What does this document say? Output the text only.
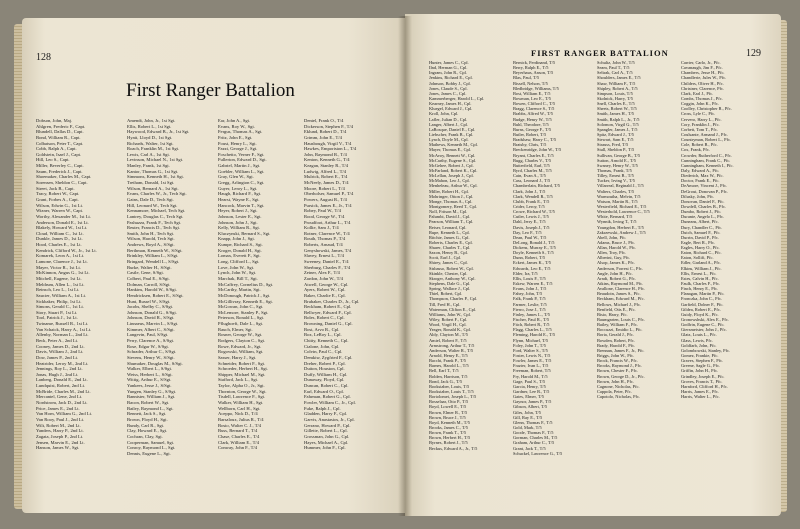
128
First Ranger Battalion
Dobson, John, Maj.
Ahlgren, Frederic F., Capt.
Blundell, Dallas D., Capt.
Bond, William R., Capt.
Colbatson, Peter T., Capt.
Cobb, Ralph A., Capt.
Goldstein, Isael J., Capt.
Hill, Leo S., Capt.
Miller, Beverley C., Capt.
Saum, Frederick J., Capt.
Shoemaker, Charles M., Capt.
Sorensen, Sheldon C., Capt.
Street, Jack B., Capt.
Tracy, Robert W., Capt.
Grant, Forbes A., Capt.
Wilson, Edwin G., 1st Lt.
Wizner, Warren W., Capt.
Worthy, Alexander M., 1st Lt.
Anderson, Donald E., 1st Lt.
Blakely, Howard W., 1st Lt.
Cloud, William C., 1st Lt.
Dunkle, James D., 1st Lt.
Hood, Charles E., 1st Lt.
Kendrick, Clifford W., Jr., 1st Lt.
Komarek, Leon A., 1st Lt.
Lamone, Clarence J., 1st Lt.
Mayer, Victor R., 1st Lt.
McKinnon, Angus G., 1st Lt.
Mitchell, Eugene, 1st Lt.
Meldrum, Allen L., 1st Lt.
Reinsch, Leo L., 1st Lt.
Saucier, William A., 1st Lt.
Sickbaker, Philip, 1st Lt.
Simons, Gerald C., 1st Lt.
Story, Stuart P., 1st Lt.
Tool, Patrick J., 1st Lt.
Twiname, Russell R., 1st Lt.
Van Schaick, Harry A., 1st Lt.
Allenby, Norman L., 2nd Lt.
Beck, Peter A., 2nd Lt.
Cooney, James D., 2nd Lt.
Davis, William J., 2nd Lt.
Dow, James P., 2nd Lt.
Heatrider, Leroy M., 2nd Lt.
Jennings, Roy L., 2nd Lt.
Jonas, Hugh J., 2nd Lt.
Lanberg, Donald E., 2nd Lt.
Lundquist, Robert, 2nd Lt.
McBride, Charles M., 2nd Lt.
Mercantel, Gene, 2nd Lt.
Nordstrom, Jack D., 2nd Lt.
Price, James E., 2nd Lt.
Van Horn, William G., 2nd Lt.
Van Rooy, Paul J., 2nd Lt.
Wilt, Robert M., 2nd Lt.
Yanders, Harry P., 2nd Lt.
Zagata, Joseph P., 2nd Lt.
Jensen, Marvin E., 2nd Lt.
Hanson, James W., Sgt.
Amendt, John, Jr., 1st Sgt.
Ellis, Robert L., 1st Sgt.
Haywood, Edward B., Jr., 1st Sgt.
Hyatt, Lloyd D., 1st Sgt.
Richards, Walter, 1st Sgt.
Roach, Franklin M., 1st Sgt.
Lewis, Carl A., 1st Sgt.
Levinson, Michael N., 1st Sgt.
Manley, Frank, 1st Sgt.
Kantor, Thomas G., 1st Sgt.
Simmons, Kenneth H., 1st Sgt.
Tretham, Donald, 1st Sgt.
Wilson, Bernard A., 1st Sgt.
Evans, Charles W., Jr., Tech Sgt.
Gains, Dale D., Tech Sgt.
Hill, Leonard W., Tech Sgt.
Kennamore, Michael, Tech Sgt.
Lantrey, Douglas C., Tech Sgt.
Pashuzza, Frank F., Tech Sgt.
Reuter, Francis D., Tech Sgt.
Smith, John H., Tech Sgt.
Wilson, Harold, Tech Sgt.
Andrews, Boyd A., S/Sgt.
Berthman, Kenneth W., S/Sgt.
Brinkley, William L., S/Sgt.
Bringard, Wendell L., S/Sgt.
Burke, Walter H., S/Sgt.
Castle, Gene, S/Sgt.
Colbert, Paul E., S/Sgt.
Dolman, Carroll, S/Sgt.
Hankins, Harold W., S/Sgt.
Hendricksen, Robert E., S/Sgt.
Hunt, Russel W., S/Sgt.
Jacobs, Shelby C., S/Sgt.
Johnson, Donald G., S/Sgt.
Johnson, David R., S/Sgt.
Linnaeus, Marvin L., S/Sgt.
Kimmer, Albert C., S/Sgt.
Langevin, Paul, S/Sgt.
Perry, Clarence A., S/Sgt.
Rose, Edgar W., S/Sgt.
Schrader, Arthur C., S/Sgt.
Stevens, Henry W., S/Sgt.
Shumaker, Douglas M., S/Sgt.
Walker, Elbert L., S/Sgt.
Weiss, Herbert L., S/Sgt.
Wittig, Arthur E., S/Sgt.
Yankees, Jesse J., S/Sgt.
Yungen, Stanley G., S/Sgt.
Bannister, William J., Sgt.
Bacon, Robert W., Sgt.
Bailey, Raymond L., Sgt.
Bennett, Jack S., Sgt.
Brown, Floyd H., Sgt.
Bundy, Carl R., Sgt.
Clay, Howard E., Sgt.
Cochran, Clay, Sgt.
Cooperman, Samuel, Sgt.
Conroy, Raymond L., Sgt.
Dennis, Eugene L., Sgt.
Ear, John A., Sgt.
Evans, Roy W., Sgt.
Fergus, Thomas A., Sgt.
Fritz, John E., Sgt.
Foust, Henry L., Sgt.
Fazzi, George J., Sgt.
Foschetto, Verner F., Sgt.
Fullerton, Edward D., Sgt.
Gabriel, Martin J., Sgt.
Goebler, William L., Sgt.
Gray, Glen W., Sgt.
Gregg, Arlington C., Sgt.
Guyer, Leroy L., Sgt.
Haugh, Richard F., Sgt.
Hearst, Wayne E., Sgt.
Hancock, Marvin T., Sgt.
Heyer, Robert J., Sgt.
Johnson, Lester E., Sgt.
Johnson, John J., Sgt.
Kelly, William R., Sgt.
Kluczynski, Bernard S., Sgt.
Knapp, John J., Sgt.
Kumpe, Richard S., Sgt.
Kroger, Donald H., Sgt.
Lomax, Everett F., Sgt.
Long, Clifford L., Sgt.
Love, John W., Sgt.
Lynch, John W., Sgt.
Marchak, Bill T., Sgt.
McCaffrey, Cornelius D., Sgt.
McCarthy, Martin, Sgt.
McDonough, Patrick J., Sgt.
McGillivray, Kenneth E., Sgt.
McGowan, John C., Sgt.
McLemore, Stanley P., Sgt.
Peterson, Ronald L., Sgt.
Pflughoeft, Dale L., Sgt.
Rauch, Elmer, Sgt.
Rosner, George W., Sgt.
Rodgers, Clayton C., Sgt.
Rowe, Edward, Jr., Sgt.
Rogowski, William, Sgt.
Sasser, Harry J., Sgt.
Schneider, Robert F., Sgt.
Schroeder, Herbert H., Sgt.
Shipper, Michael M., Sgt.
Stafford, Jack L., Sgt.
Taylor, Alpha O., Jr., Sgt.
Thornton, George W., Sgt.
Tisdell, Lawrence F., Sgt.
Walker, William H., Sgt.
Wellborn, Carl H., Sgt.
Aceppo, Nick D., T/4
Barsaloux, Julius R., T/4
Bosio, Walter C. J., T/4
Buss, Bernard T., T/4
Chase, Charles E., T/4
Clark, William E., T/4
Conway, John F., T/4
Dentel, Frank O., T/4
Dickerson, Stephen F., T/4
Eklund, Robert D., T/4
Grimm, John E., T/4
Hausbough, Virgil V., T/4
Hawkes, Emporiston L., T/4
John, Raymond R., T/4
Kenton, Kenneth G., T/4
Keagan, Stanley R., T/4
Ludwig, Alfred L., T/4
Mulrick, Robert E., T/4
McNeely, James D., T/4
Moore, Robert L., T/4
Oberholser, Samuel P., T/4
Powers, August R., T/4
Pursick, James E., Jr., T/4
Robey, Paul W., T/4
Rood, George W., T/4
Proudfoot, Arthur L., T/4
Kollie, Sam J., T/4
Rotner, Clarence W., T/4
Routh, Thomas P., T/4
Roberts, Arnaud, T/4
Genyshowski, James, T/4
Slavey, Ernest L., T/4
Sweeney, Daniel E., T/4
Sherburg, Charles F., T/4
Zeiner, Alex F., T/4
Zardon, John W., T/4
Atwell, George W., Cpl.
Ayers, Robert W., Cpl.
Baker, Charlie E., Cpl.
Brubaker, Charles D., Jr., Cpl.
Beckham, Robert E., Cpl.
Bellwyer, Edward F., Cpl.
Boles, Robert C., Cpl.
Browning, Daniel G., Cpl.
Bost, Arvo R., Cpl.
Box, LeRoy L., Cpl.
Chitty, Kenneth C., Cpl.
Cialone, John, Cpl.
Colvin, Paul C., Cpl.
Demkiw, Zygfried F., Cpl.
Dreher, Robert P., Cpl.
Dutton, Houston, Cpl.
Duffy, William H., Cpl.
Dunaway, Floyd, Cpl.
Duncan, Robert C., Cpl.
Earl, Edward O., Cpl.
Fahrman, Robert G., Cpl.
Fowler, William C., Jr., Cpl.
Fuke, Ralph J., Cpl.
Gladden, Harry F., Cpl.
Garvis, Anastasios, Jr., Cpl.
Gerrano, Howard P., Cpl.
Gillette, Robert L., Cpl.
Grossman, John G., Cpl.
Hayes, Michael A., Cpl.
Hummer, John F., Cpl.
FIRST RANGER BATTALION	129
Hunter, James C., Cpl.
Ilnd, Herman G., Cpl.
Ingram, John R., Cpl.
Jenkins, Richard E., Cpl.
Johnson, Bobby J., Cpl.
Jones, Claude S., Cpl.
Jones, James C., Cpl.
Kammerberger, Harold L., Cpl.
Kearney, James H., Cpl.
Kluegel, Edward J., Cpl.
Kroll, John, Cpl.
Lafler, Julian D., Cpl.
Langer, Albert J., Cpl.
LaRosque, Daniel E., Cpl.
Liebscher, Frank B., Cpl.
Lynch, Doyle M., Cpl.
Mathews, Kenneth M., Cpl.
Mayer, Thomas E., Cpl.
McAvoy, Bennett W., Cpl.
McCarthy, Eugene S., Cpl.
McGehee, Robert J., Cpl.
McFarland, Robert K., Cpl.
McLellan, Joseph J., Cpl.
McMahon, Leo J., Cpl.
Menheleau, Arthur W., Cpl.
Miller, Robert H., Cpl.
Mohringer, Otton J., Cpl.
Monge, Thomas A., Cpl.
Montgomery, Reed T., Cpl.
Noll, Fritson M., Cpl.
Palumbi, David J., Cpl.
Pearson, William T., Cpl.
Reiser, Leonard, Cpl.
Rupe, Kenneth L., Cpl.
Ritchie, James G., Cpl.
Roberts, Charles E., Cpl.
Shurer, Charles T., Cpl.
Saxon, Henry B., Cpl.
Scott, Earl J., Cpl.
Shirey, James C., Cpl.
Sisbasso, Robert W., Cpl.
Skinkle, Chester, Cpl.
Skroger, Anthony W., Cpl.
Stephens, Dale G., Cpl.
Spring, Wallace J., Cpl.
Thiel, Robert, Cpl.
Thompson, Charles P., Cpl.
Till, Fred H., Cpl.
Waterman, Clifton E., Cpl.
Williams, John W., Cpl.
Wiley, Robert F., Cpl.
Wood, Virgil H., Cpl.
Yeager, Ronald K., Cpl.
Aldy, Clayton M., T/5
Amiel, Robert F., T/5
Armstrong, Arthur T., T/5
Anderson, Walter R., T/5
Arnold, Henry E., T/5
Bacchi, Frank P., T/5
Barnes, Harold L., T/5
Bell, Earl T., T/5
Bolden, Harrison, T/5
Bond, Jack G., T/5
Bookstaber, Louis, T/5
Bookstaber, Louis T., T/5
Bortolomei, Joseph L., T/5
Bosselaar, Otto P., T/5
Boyd, Lowell E., T/5
Brown, Elmer R., T/5
Brown, Bruce J., T/5
Boyd, Kenneth M., T/5
Brooks, James C., T/5
Brown, Frank T., T/5
Brown, Herbert H., T/5
Byrnes, Robert J., T/5
Beckus, Edward A., Jr., T/5
Bernick, Ferdinand, T/5
Berry, Ralph E., T/5
Beyerhaus, Anson, T/5
Blas, Paul, T/5
Bissell, Nelson, T/5
Bledbridge, Williams, T/5
Bost, William E., T/5
Bowman, Leo E., T/5
Bowen, Clifford C., T/5
Bragg, Clarence S., T/5
Brabbs, Alfred W., T/5
Budge, Henry W., T/5
Buhl, Theodore, T/5
Burns, George F., T/5
Butler, Robert, T/5
Bradshaw, Harry C., T/5
Bratsby, Chris, T/5
Breckenridge, John W., T/5
Bryant, Charles E., T/5
Bugg, Charles V., T/5
Butterfield, Earl, T/5
Byrd, Charles M., T/5
Cain, Evan A., T/5
Cass, Leonard J., T/5
Chamberlain, Richard, T/5
Clark, John J., T/5
Clark, Wendell R., T/5
Clubb, Frank E., T/5
Crider, Leroy, T/5
Crowe, Richard W., T/5
Cutler, Lewis J., T/5
Dahl, Jerry E., T/5
Davis, Joseph J., T/5
Day, Leo F., T/5
Dean, Paul W., T/5
DeLong, Ronald J., T/5
Dickens, Murray E., T/5
Doyle, Kenneth S., T/5
Dunn, Robert, T/5
Eckert, James K., T/5
Edwards, Leo E., T/5
Elder, Ira, T/5
Ellis, Louis F., T/5
Eskew, Warren E., T/5
Evans, John J., T/5
Fahey, John, T/5
Falk, Frank P., T/5
Farmer, Leslie, T/5
Fierro, Jose J., T/5
Finley, James L., T/5
Fischer, Paul R., T/5
Fitch, Robert R., T/5
Flagg, Charles L., T/5
Fleming, Harold E., T/5
Flynn, Michael, T/5
Foley, John T., T/5
Ford, Walter S., T/5
Foster, Lewis N., T/5
Fowler, James E., T/5
Frazier, Ivan L., T/5
Freeman, Robert, T/5
Fry, Harold M., T/5
Gage, Paul S., T/5
Garcia, Henry, T/5
Gardner, Lee R., T/5
Gates, Elmer, T/5
Gaynor, James P., T/5
Gibson, Albert, T/5
Giles, John, T/5
Gill, Ray E., T/5
Glenn, Thomas F., T/5
Gold, Mark, T/5
Goode, Thomas F., T/5
Gorman, Charles M., T/5
Graham, Arthur C., T/5
Grant, Jack T., T/5
Schuckel, Lawrence G., T/5
Schultz, John W., T/5
Seam, Paul T., T/5
Seltrak, Carl A., T/5
Shoulders, James E., T/5
Shaw, William F., T/5
Shipley, Robert A., T/5
Simpson, Louis, T/5
Skolnick, Harry, T/5
Snell, Charles E., T/5
Sheets, Robert W., T/5
Smith, James H., T/5
Smith, Ralph L., Jr., T/5
Solomon, Virgil G., T/5
Spangler, James J., T/5
Spitz, Edward J., T/5
Stewart, Sam E., T/5
Strauss, Fred, T/5
Stull, Sheldon P., T/5
Sullivan, George B., T/5
Sutton, Arnold E., T/5
Swaney, Henry W., T/5
Thomas, Frank, T/5
Tilley, Ernest B., T/5
Tucker, Irving V., T/5
Villarreal, Reginald J., T/5
Walters, Charles, T/5
Warmoutha, Melvin, T/5
Watson, Martin R., T/5
Westerfield, Richard E., T/5
Westerhold, Lawrence C., T/5
White, Bernard, T/5
Wynnik, Irving T., T/5
Youngdon, Herbert E., T/5
Zakrzewski, Andrew J., T/5
Abell, John, Pfc.
Adams, Bruce J., Pfc.
Allan, Harold W., Pfc.
Allen, Troy, Pfc.
Alberini, Guy, Pfc.
Alsop, James K., Pfc.
Anderson, Forrest C., Pfc.
Angle, John H., Pfc.
Arndt, Robert G., Pfc.
Atkins, Raymond M., Pfc.
Avallone, Clarence H., Pfc.
Beaudoin, James S., Pfc.
Beckham, Edward M., Pfc.
Bellows, Michael J., Pfc.
Benfield, Otis E., Pfc.
Bisio, Harry, Pfc.
Baumgarten, Louis C., Pfc.
Bailey, William F., Pfc.
Boccuzzi, Emidio L., Pfc.
Boria, Gerald J., Pfc.
Bowden, Robert, Pfc.
Brady, Harold F., Pfc.
Brennan, James F., Jr., Pfc.
Briggs, John W., Pfc.
Brock, Francis W., Pfc.
Brooks, Raymond J., Pfc.
Brown, Chester F., Pfc.
Brown, George D., Jr., Pfc.
Brown, John H., Pfc.
Cagnone, Nicholas, Pfc.
Cappola, Peter, Pfc.
Capotolo, Nicholas, Pfc.
Carrier, Carlo, Jr., Pfc.
Cavanaugh, Jim F., Pfc.
Chambers, Jesse H., Pfc.
Chandlerie, Jules W., Pfc.
Childers, Oliver H., Pfc.
Christner, Clarence, Pfc.
Clark, Earl J., Pfc.
Combs, Thomas J., Pfc.
Coggin, John K., Pfc.
Coolley, Christopher R., Pfc.
Cross, Lyle C., Pfc.
Cervero, Harry L., Pfc.
Cory, Franklin J., Pfc.
Corbett, Tom T., Pfc.
Coulsante, Armand J., Pfc.
Countryman, Robert L., Pfc.
Cole, Robert B., Pfc.
Cox, Frank, Pfc.
Crowder, Rutherford C., Pfc.
Cunningham, Frank C., Pfc.
Cunningham, Kenneth I., Pfc.
Daly, Edward A., Pfc.
Diederich, Max W., Pfc.
Doctor, Frank E., Pfc.
DeAmore, Vincent J., Pfc.
DeGrout, Donovan P., Pfc.
Dilusky, John, Pfc.
Donovan, Daniel F., Pfc.
Dowdell, Charles B., Pfc.
Dumbo, Robert J., Pfc.
Durante, Angelo L., Pfc.
Duneans, Albert, Pfc.
Dury, Chandler C., Pfc.
Dutch, Samuel F., Pfc.
Durrin, David P., Pfc.
Eagle, Bert R., Pfc.
Eagles, Harry O., Pfc.
Eaton, Richard C., Pfc.
Eaton, Sollifi, Pfc.
Edler, Garland A., Pfc.
Elkins, William J., Pfc.
Ellis, Ernest L., Pfc.
Estes, Calvin H., Pfc.
Faulk, Charles F., Pfc.
Finch, Henry E., Pfc.
Flanagan, Martin P., Pfc.
Fronczka, John C., Pfc.
Garfield, Dolner F., Pfc.
Gildea, Robert E., Pfc.
Guidy, Floyd K., Pfc.
Gronowshski, Alex E., Pfc.
Godfrin, Eugene C., Pfc.
Giersmeister, John J., Pfc.
Glatz, Louis L., Pfc.
Glass, Lewis, Pfc.
Goldfarb, John, Pfc.
Golombowski, Stanley, Pfc.
Gomez, Frankie, Pfc.
Graves, Stephen F., Pfc.
Greene, Sagle G., Pfc.
Griffin, John H., Pfc.
Grindley, Joseph E., Pfc.
Groves, Francis T., Pfc.
Harnford, Clifford H., Pfc.
Harris, James E., Pfc.
Harris, Walter L., Pfc.
